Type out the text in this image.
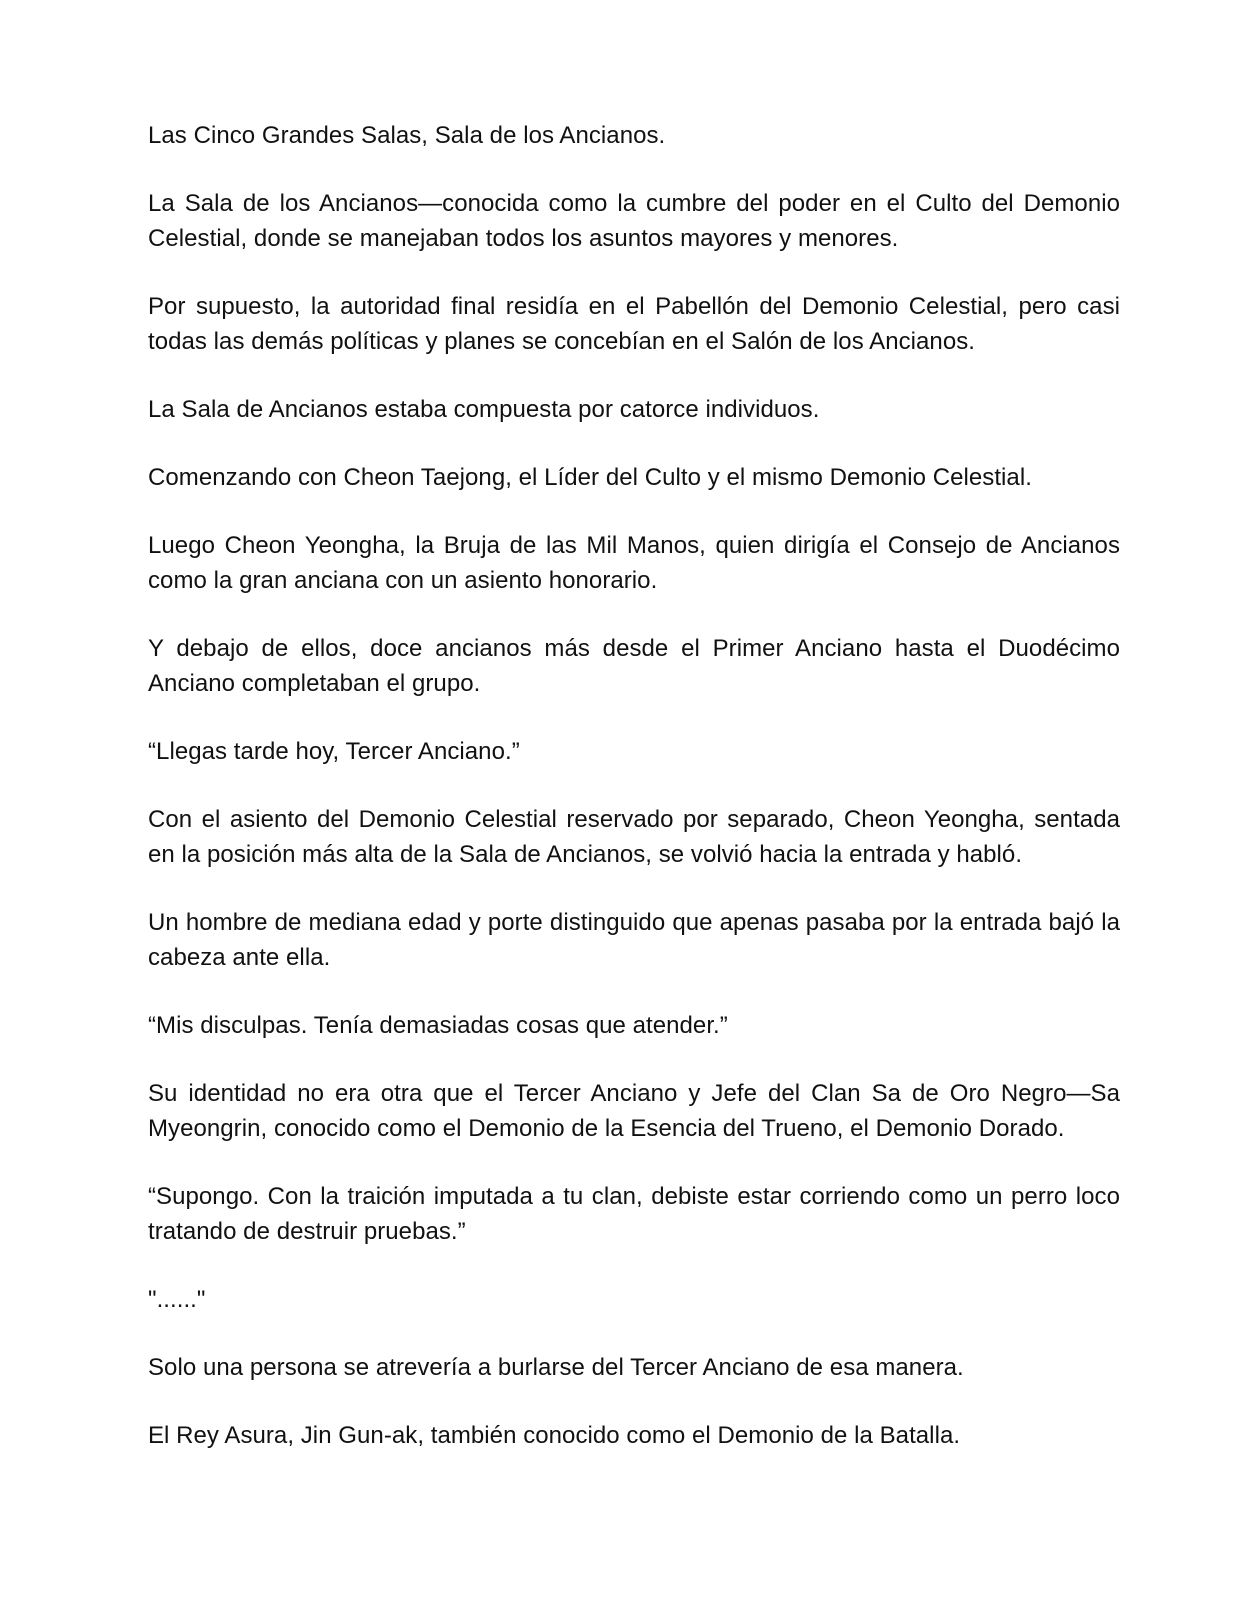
Las Cinco Grandes Salas, Sala de los Ancianos.

La Sala de los Ancianos—conocida como la cumbre del poder en el Culto del Demonio Celestial, donde se manejaban todos los asuntos mayores y menores.

Por supuesto, la autoridad final residía en el Pabellón del Demonio Celestial, pero casi todas las demás políticas y planes se concebían en el Salón de los Ancianos.

La Sala de Ancianos estaba compuesta por catorce individuos.

Comenzando con Cheon Taejong, el Líder del Culto y el mismo Demonio Celestial.

Luego Cheon Yeongha, la Bruja de las Mil Manos, quien dirigía el Consejo de Ancianos como la gran anciana con un asiento honorario.

Y debajo de ellos, doce ancianos más desde el Primer Anciano hasta el Duodécimo Anciano completaban el grupo.

“Llegas tarde hoy, Tercer Anciano.”

Con el asiento del Demonio Celestial reservado por separado, Cheon Yeongha, sentada en la posición más alta de la Sala de Ancianos, se volvió hacia la entrada y habló.

Un hombre de mediana edad y porte distinguido que apenas pasaba por la entrada bajó la cabeza ante ella.

“Mis disculpas. Tenía demasiadas cosas que atender.”

Su identidad no era otra que el Tercer Anciano y Jefe del Clan Sa de Oro Negro—Sa Myeongrin, conocido como el Demonio de la Esencia del Trueno, el Demonio Dorado.

“Supongo. Con la traición imputada a tu clan, debiste estar corriendo como un perro loco tratando de destruir pruebas.”

"......"

Solo una persona se atrevería a burlarse del Tercer Anciano de esa manera.

El Rey Asura, Jin Gun-ak, también conocido como el Demonio de la Batalla.
